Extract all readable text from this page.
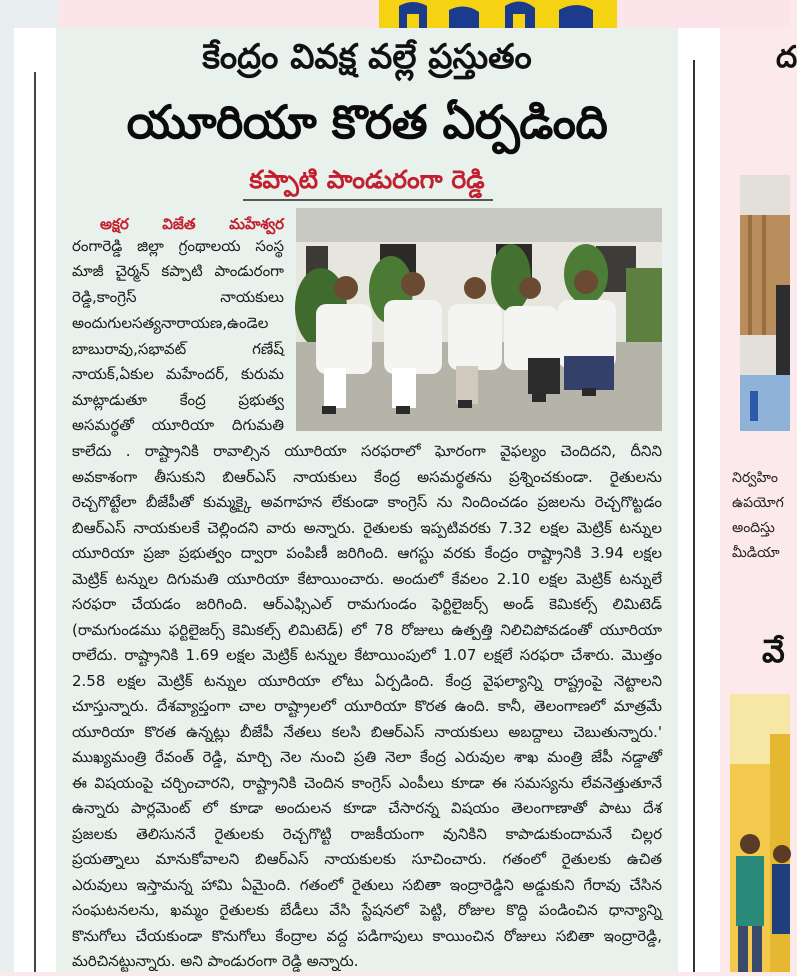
కేంద్రం వివక్ష వల్లే ప్రస్తుతం
యూరియా కొరత ఏర్పడింది
కప్పాటి పాండురంగా రెడ్డి
అక్షర విజేత మహేశ్వర
రంగారెడ్డి జిల్లా గ్రంథాలయ సంస్థ
మాజీ చైర్మన్ కప్పాటి పాండురంగా
రెడ్డి,కాంగ్రెస్ నాయకులు
అందుగులసత్యనారాయణ,ఉండెల
బాబురావు,సభావట్ గణేష్
నాయక్,ఏకుల మహేందర్, కురుమ
మాట్లాడుతూ కేంద్ర ప్రభుత్వ
అసమర్థతో యూరియా దిగుమతి
కాలేదు . రాష్ట్రానికి రావాల్సిన యూరియా సరఫరాలో ఘోరంగా వైఫల్యం చెందిదని, దీనిని
అవకాశంగా తీసుకుని బిఆర్ఎస్ నాయకులు కేంద్ర అసమర్థతను ప్రశ్నించకుండా. రైతులను
రెచ్చగొట్టేలా బీజేపీతో కుమ్మక్కై అవగాహన లేకుండా కాంగ్రెస్ ను నిందించడం ప్రజలను రెచ్చగొట్టడం
బిఆర్ఎస్ నాయకులకే చెల్లిందని వారు అన్నారు. రైతులకు ఇప్పటివరకు 7.32 లక్షల మెట్రిక్ టన్నుల
యూరియా ప్రజా ప్రభుత్వం ద్వారా పంపిణీ జరిగింది. ఆగస్టు వరకు కేంద్రం రాష్ట్రానికి 3.94 లక్షల
మెట్రిక్ టన్నుల దిగుమతి యూరియా కేటాయించారు. అందులో కేవలం 2.10 లక్షల మెట్రిక్ టన్నులే
సరఫరా చేయడం జరిగింది. ఆర్ఎఫ్సిఎల్ రామగుండం ఫెర్టిలైజర్స్ అండ్ కెమికల్స్ లిమిటెడ్
(రామగుండము ఫర్టిలైజర్స్ కెమికల్స్ లిమిటెడ్) లో 78 రోజులు ఉత్పత్తి నిలిచిపోవడంతో యూరియా
రాలేదు. రాష్ట్రానికి 1.69 లక్షల మెట్రిక్ టన్నుల కేటాయింపులో 1.07 లక్షలే సరఫరా చేశారు. మొత్తం
2.58 లక్షల మెట్రిక్ టన్నుల యూరియా లోటు ఏర్పడింది. కేంద్ర వైఫల్యాన్ని రాష్ట్రంపై నెట్టాలని
చూస్తున్నారు. దేశవ్యాప్తంగా చాల రాష్ట్రాలలో యూరియా కొరత ఉంది. కానీ, తెలంగాణలో మాత్రమే
యూరియా కొరత ఉన్నట్లు బీజేపీ నేతలు కలసి బిఆర్ఎస్ నాయకులు అబద్దాలు చెబుతున్నారు.'
ముఖ్యమంత్రి రేవంత్ రెడ్డి, మార్చి నెల నుంచి ప్రతి నెలా కేంద్ర ఎరువుల శాఖ మంత్రి జేపీ నడ్డాతో
ఈ విషయంపై చర్చించారని, రాష్ట్రానికి చెందిన కాంగ్రెస్ ఎంపీలు కూడా ఈ సమస్యను లేవనెత్తుతూనే
ఉన్నారు పార్లమెంట్ లో కూడా అందులన కూడా చేసారన్న విషయం తెలంగాణాతో పాటు దేశ
ప్రజలకు తెలిసుననే రైతులకు రెచ్చగొట్టి రాజకీయంగా వునికిని కాపాడుకుందామనే చిల్లర
ప్రయత్నాలు మానుకోవాలని బిఆర్ఎస్ నాయకులకు సూచించారు. గతంలో రైతులకు ఉచిత
ఎరువులు ఇస్తామన్న హామి ఏమైంది. గతంలో రైతులు సబితా ఇంద్రారెడ్డిని అడ్డుకుని గేరావు చేసిన
సంఘటనలను, ఖమ్మం రైతులకు బేడీలు వేసి స్టేషనలో పెట్టి, రోజుల కొద్ది పండించిన ధాన్యాన్ని
కొనుగోలు చేయకుండా కొనుగోలు కేంద్రాల వద్ద పడిగాపులు కాయించిన రోజులు సబితా ఇంద్రారెడ్డి,
మరిచినట్టున్నారు. అని పాండురంగా రెడ్డి అన్నారు.
ద
నిర్వహిం
ఉపయోగ
అందిస్తు
మీడియా
వే
